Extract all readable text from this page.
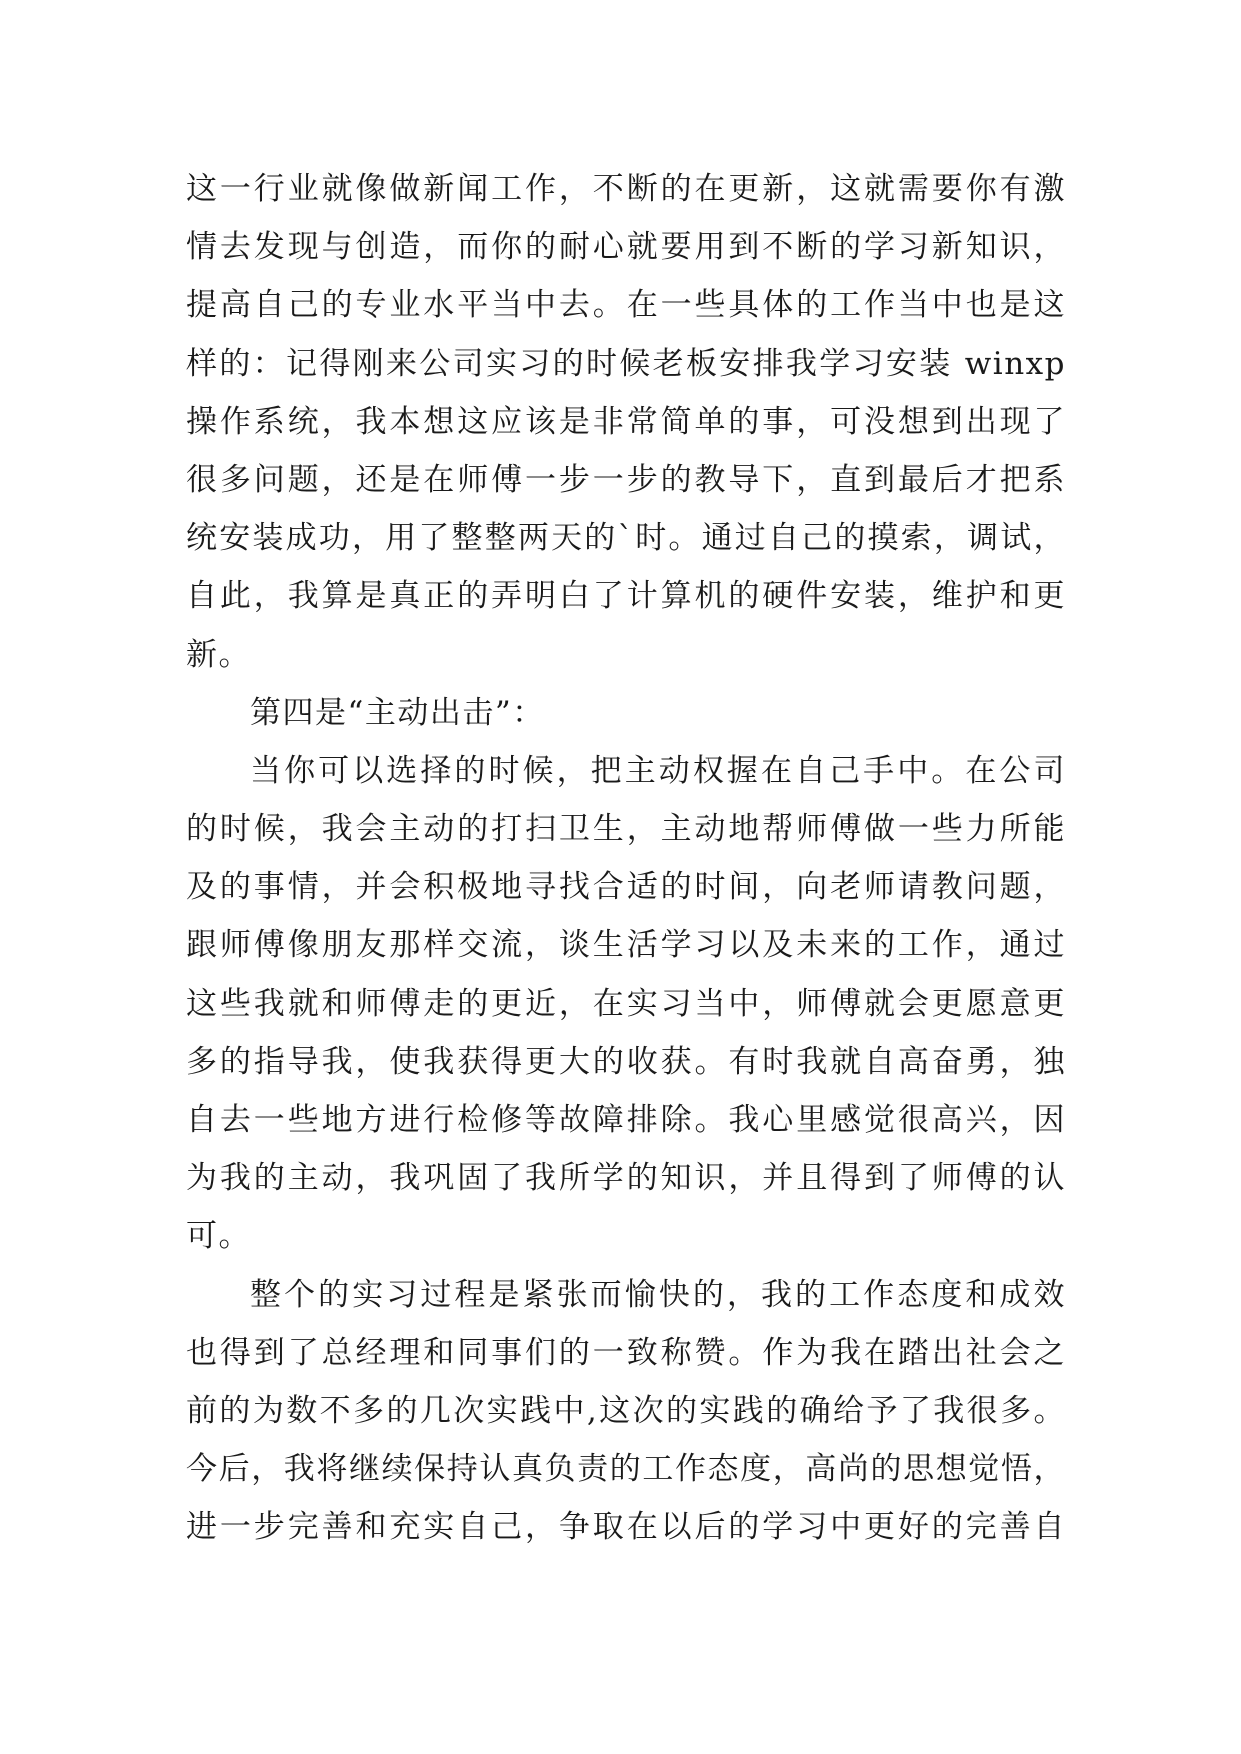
这一行业就像做新闻工作，不断的在更新，这就需要你有激
情去发现与创造，而你的耐心就要用到不断的学习新知识，
提高自己的专业水平当中去。在一些具体的工作当中也是这
样的：记得刚来公司实习的时候老板安排我学习安装 winxp
操作系统，我本想这应该是非常简单的事，可没想到出现了
很多问题，还是在师傅一步一步的教导下，直到最后才把系
统安装成功，用了整整两天的`时。通过自己的摸索，调试，
自此，我算是真正的弄明白了计算机的硬件安装，维护和更
新。
第四是“主动出击”：
当你可以选择的时候，把主动权握在自己手中。在公司
的时候，我会主动的打扫卫生，主动地帮师傅做一些力所能
及的事情，并会积极地寻找合适的时间，向老师请教问题，
跟师傅像朋友那样交流，谈生活学习以及未来的工作，通过
这些我就和师傅走的更近，在实习当中，师傅就会更愿意更
多的指导我，使我获得更大的收获。有时我就自高奋勇，独
自去一些地方进行检修等故障排除。我心里感觉很高兴，因
为我的主动，我巩固了我所学的知识，并且得到了师傅的认
可。
整个的实习过程是紧张而愉快的，我的工作态度和成效
也得到了总经理和同事们的一致称赞。作为我在踏出社会之
前的为数不多的几次实践中,这次的实践的确给予了我很多。
今后，我将继续保持认真负责的工作态度，高尚的思想觉悟，
进一步完善和充实自己，争取在以后的学习中更好的完善自
